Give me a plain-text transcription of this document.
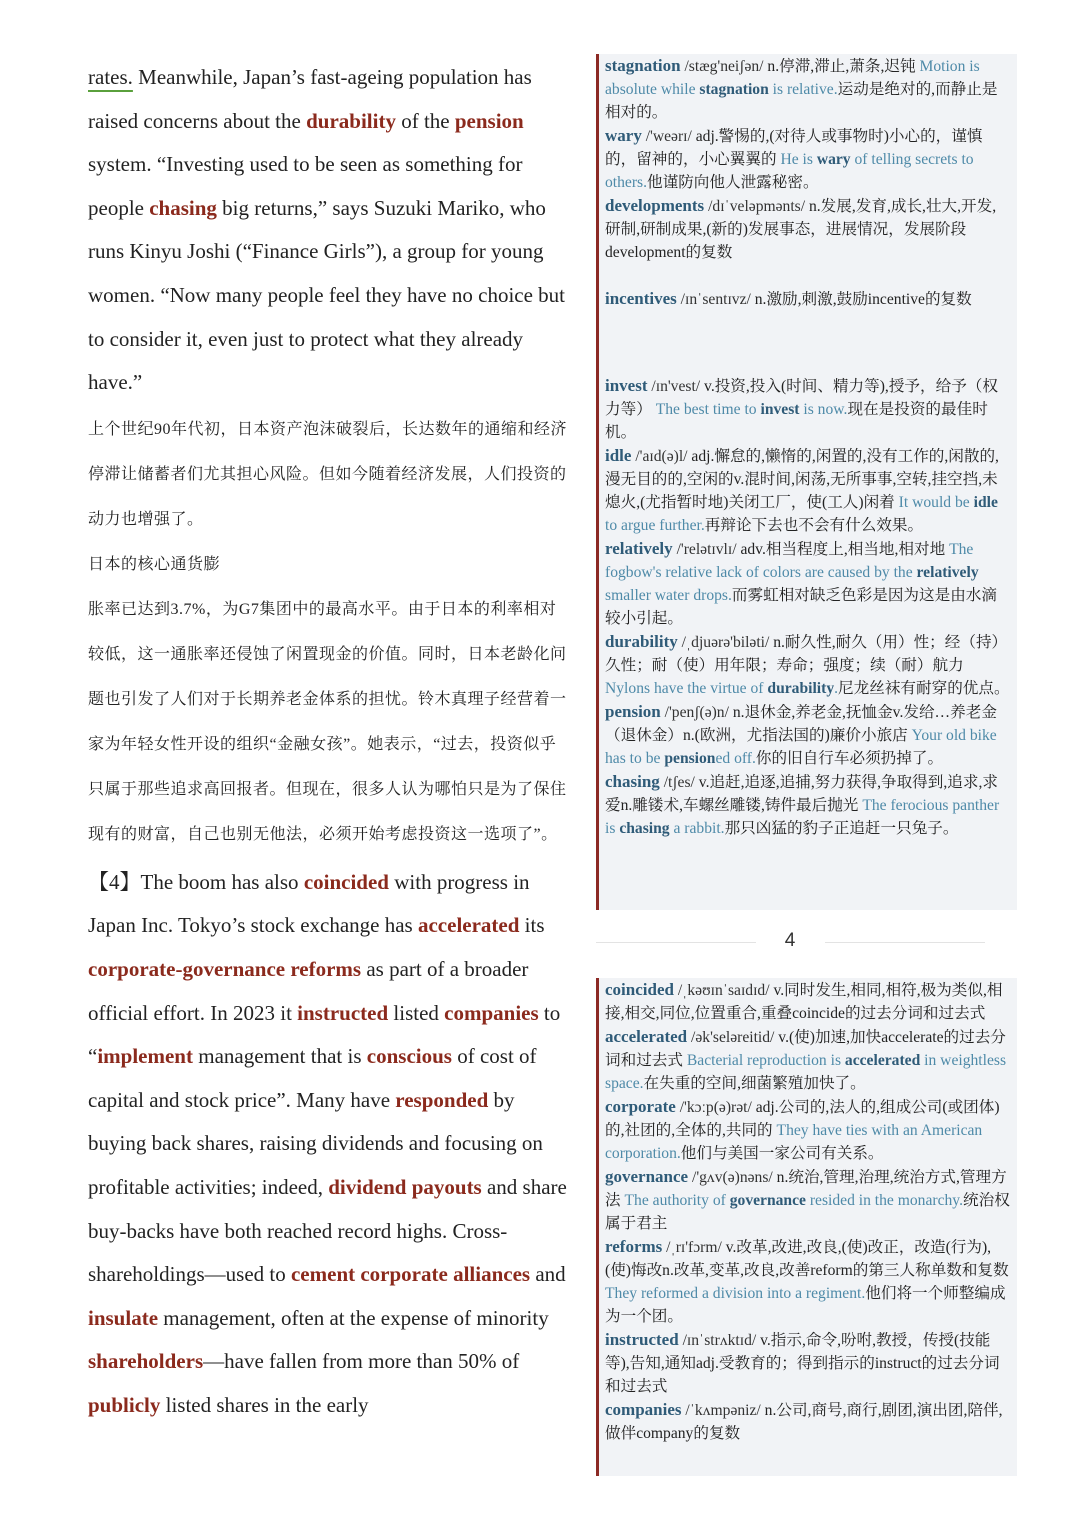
rates. Meanwhile, Japan’s fast-ageing population has raised concerns about the durability of the pension system. “Investing used to be seen as something for people chasing big returns,” says Suzuki Mariko, who runs Kinyu Joshi (“Finance Girls”), a group for young women. “Now many people feel they have no choice but to consider it, even just to protect what they already have.”

上个世纪90年代初，日本资产泡沫破裂后，长达数年的通缩和经济停滞让储蓄者们尤其担心风险。但如今随着经济发展，人们投资的动力也增强了。

日本的核心通货膨

胀率已达到3.7%，为G7集团中的最高水平。由于日本的利率相对较低，这一通胀率还侵蚀了闲置现金的价值。同时，日本老龄化问题也引发了人们对于长期养老金体系的担忧。铃木真理子经营着一家为年轻女性开设的组织“金融女孩”。她表示，“过去，投资似乎只属于那些追求高回报者。但现在，很多人认为哪怕只是为了保住现有的财富，自己也别无他法，必须开始考虑投资这一选项了”。

【4】The boom has also coincided with progress in Japan Inc. Tokyo’s stock exchange has accelerated its corporate-governance reforms as part of a broader official effort. In 2023 it instructed listed companies to “implement management that is conscious of cost of capital and stock price”. Many have responded by buying back shares, raising dividends and focusing on profitable activities; indeed, dividend payouts and share buy-backs have both reached record highs. Cross-shareholdings—used to cement corporate alliances and insulate management, often at the expense of minority shareholders—have fallen from more than 50% of publicly listed shares in the early

stagnation /stæg'neiʃən/ n.停滞,滞止,萧条,迟钝 Motion is absolute while stagnation is relative.运动是绝对的,而静止是相对的。

wary /'weərɪ/ adj.警惕的,(对待人或事物时)小心的，谨慎的，留神的，小心翼翼的 He is wary of telling secrets to others.他谨防向他人泄露秘密。

developments /dɪˈveləpmənts/ n.发展,发育,成长,壮大,开发,研制,研制成果,(新的)发展事态，进展情况，发展阶段development的复数

incentives /ɪnˈsentɪvz/ n.激励,刺激,鼓励incentive的复数

invest /ɪn'vest/ v.投资,投入(时间、精力等),授予，给予（权力等） The best time to invest is now.现在是投资的最佳时机。

idle /'aɪd(ə)l/ adj.懈怠的,懒惰的,闲置的,没有工作的,闲散的,漫无目的的,空闲的v.混时间,闲荡,无所事事,空转,挂空挡,未熄火,(尤指暂时地)关闭工厂，使(工人)闲着 It would be idle to argue further.再辩论下去也不会有什么效果。

relatively /'relətɪvlɪ/ adv.相当程度上,相当地,相对地 The fogbow's relative lack of colors are caused by the relatively smaller water drops.而雾虹相对缺乏色彩是因为这是由水滴较小引起。

durability /ˌdjuərə'biləti/ n.耐久性,耐久（用）性；经（持）久性；耐（使）用年限；寿命；强度；续（耐）航力 Nylons have the virtue of durability.尼龙丝袜有耐穿的优点。

pension /'penʃ(ə)n/ n.退休金,养老金,抚恤金v.发给…养老金（退休金）n.(欧洲，尤指法国的)廉价小旅店 Your old bike has to be pensioned off.你的旧自行车必须扔掉了。

chasing /tʃes/ v.追赶,追逐,追捕,努力获得,争取得到,追求,求爱n.雕镂术,车螺丝雕镂,铸件最后抛光 The ferocious panther is chasing a rabbit.那只凶猛的豹子正追赶一只兔子。

4

coincided /ˌkəʊɪnˈsaɪdɪd/ v.同时发生,相同,相符,极为类似,相接,相交,同位,位置重合,重叠coincide的过去分词和过去式

accelerated /ək'seləreitid/ v.(使)加速,加快accelerate的过去分词和过去式 Bacterial reproduction is accelerated in weightless space.在失重的空间,细菌繁殖加快了。

corporate /'kɔːp(ə)rət/ adj.公司的,法人的,组成公司(或团体)的,社团的,全体的,共同的 They have ties with an American corporation.他们与美国一家公司有关系。

governance /'gʌv(ə)nəns/ n.统治,管理,治理,统治方式,管理方法 The authority of governance resided in the monarchy.统治权属于君主

reforms /ˌrɪ'fɔrm/ v.改革,改进,改良,(使)改正，改造(行为),(使)悔改n.改革,变革,改良,改善reform的第三人称单数和复数 They reformed a division into a regiment.他们将一个师整编成为一个团。

instructed /ɪnˈstrʌktɪd/ v.指示,命令,吩咐,教授，传授(技能等),告知,通知adj.受教育的；得到指示的instruct的过去分词和过去式

companies /ˈkʌmpəniz/ n.公司,商号,商行,剧团,演出团,陪伴,做伴company的复数
